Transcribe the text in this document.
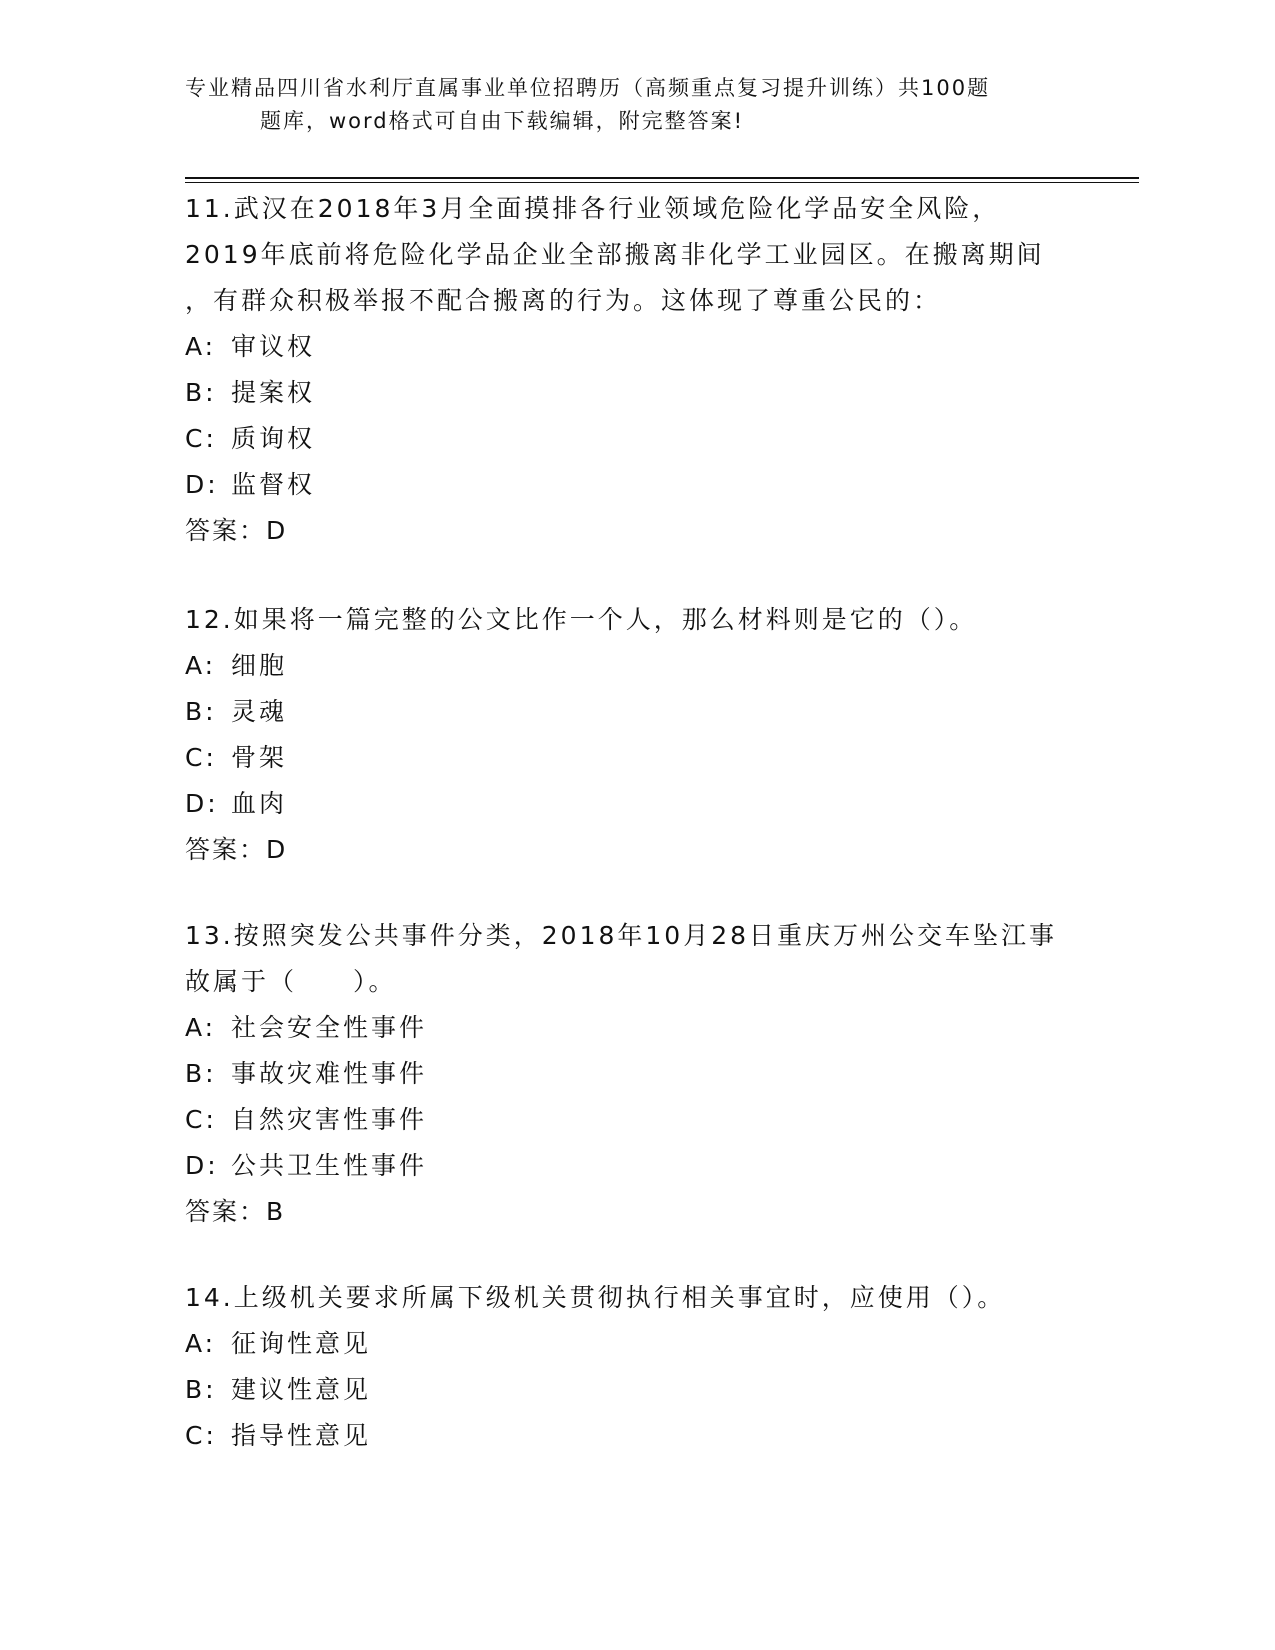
专业精品四川省水利厅直属事业单位招聘历（高频重点复习提升训练）共100题
题库，word格式可自由下载编辑，附完整答案!
11.武汉在2018年3月全面摸排各行业领域危险化学品安全风险，
2019年底前将危险化学品企业全部搬离非化学工业园区。在搬离期间
，有群众积极举报不配合搬离的行为。这体现了尊重公民的：
A: 审议权
B: 提案权
C: 质询权
D: 监督权
答案：D
12.如果将一篇完整的公文比作一个人，那么材料则是它的（）。
A: 细胞
B: 灵魂
C: 骨架
D: 血肉
答案：D
13.按照突发公共事件分类，2018年10月28日重庆万州公交车坠江事
故属于（　　）。
A: 社会安全性事件
B: 事故灾难性事件
C: 自然灾害性事件
D: 公共卫生性事件
答案：B
14.上级机关要求所属下级机关贯彻执行相关事宜时，应使用（）。
A: 征询性意见
B: 建议性意见
C: 指导性意见
